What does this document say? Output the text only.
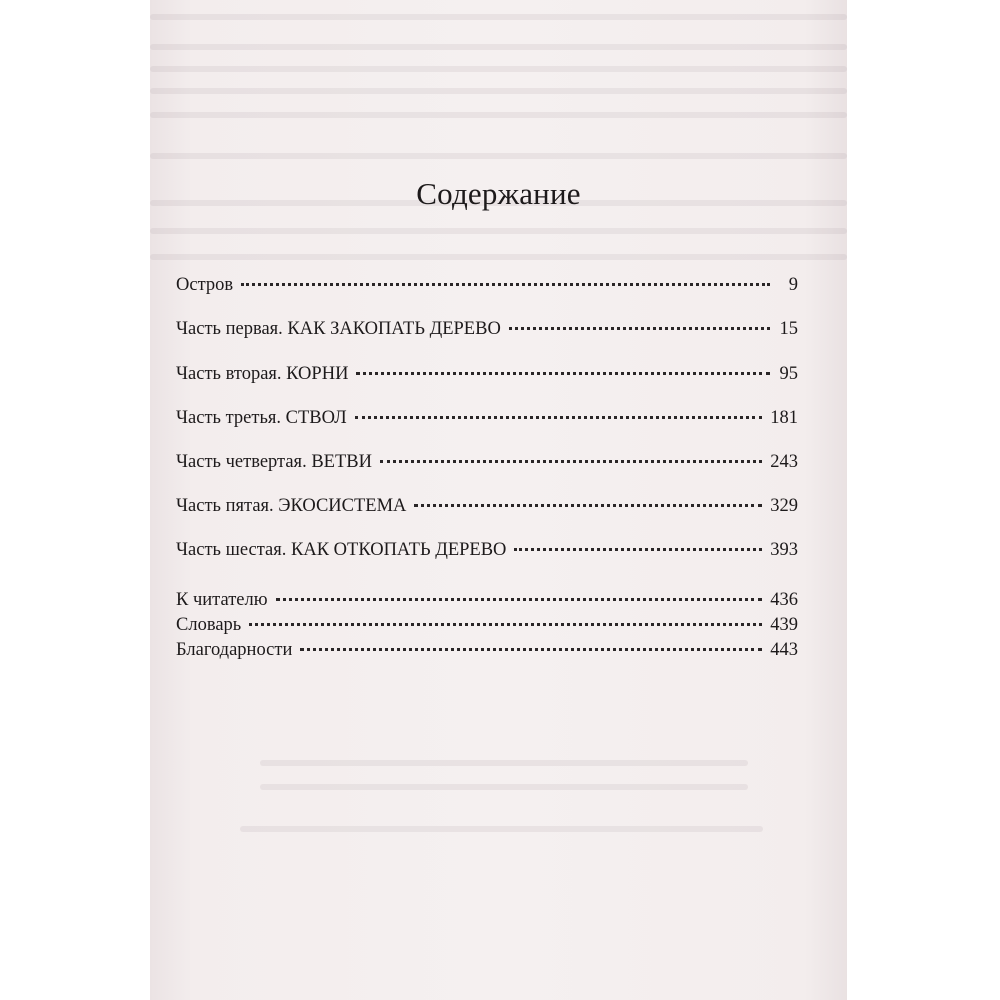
Содержание
Остров	9
Часть первая. КАК ЗАКОПАТЬ ДЕРЕВО	15
Часть вторая. КОРНИ	95
Часть третья. СТВОЛ	181
Часть четвертая. ВЕТВИ	243
Часть пятая. ЭКОСИСТЕМА	329
Часть шестая. КАК ОТКОПАТЬ ДЕРЕВО	393
К читателю	436
Словарь	439
Благодарности	443
